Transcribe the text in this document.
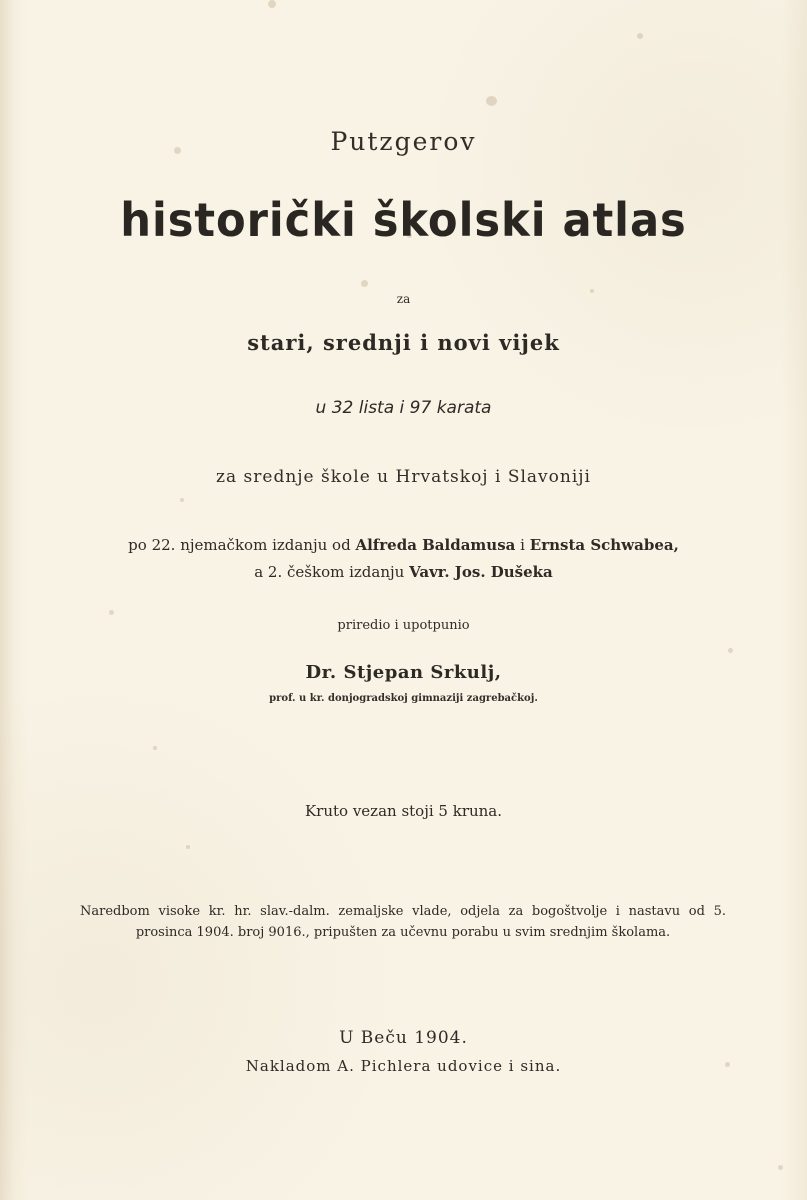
Putzgerov
historički školski atlas
za
stari, srednji i novi vijek
u 32 lista i 97 karata
za srednje škole u Hrvatskoj i Slavoniji
po 22. njemačkom izdanju od Alfreda Baldamusa i Ernsta Schwabea,
a 2. češkom izdanju Vavr. Jos. Dušeka
priredio i upotpunio
Dr. Stjepan Srkulj,
prof. u kr. donjogradskoj gimnaziji zagrebačkoj.
Kruto vezan stoji 5 kruna.
Naredbom visoke kr. hr. slav.-dalm. zemaljske vlade, odjela za bogoštvolje i nastavu od 5. prosinca 1904. broj 9016., pripušten za učevnu porabu u svim srednjim školama.
U Beču 1904.
Nakladom A. Pichlera udovice i sina.
